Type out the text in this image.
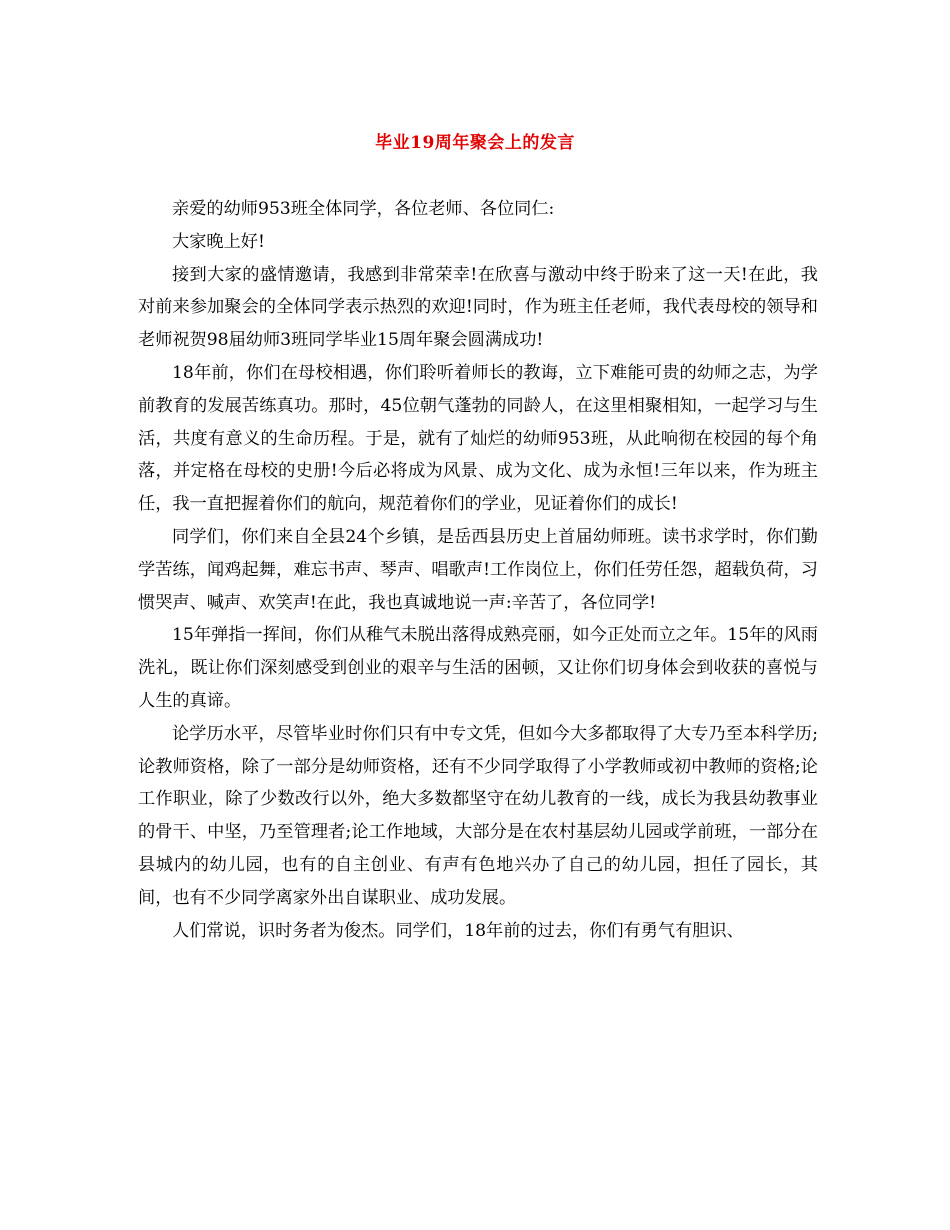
毕业19周年聚会上的发言

亲爱的幼师953班全体同学，各位老师、各位同仁:

大家晚上好!

接到大家的盛情邀请，我感到非常荣幸!在欣喜与激动中终于盼来了这一天!在此，我对前来参加聚会的全体同学表示热烈的欢迎!同时，作为班主任老师，我代表母校的领导和老师祝贺98届幼师3班同学毕业15周年聚会圆满成功!

18年前，你们在母校相遇，你们聆听着师长的教诲，立下难能可贵的幼师之志，为学前教育的发展苦练真功。那时，45位朝气蓬勃的同龄人，在这里相聚相知，一起学习与生活，共度有意义的生命历程。于是，就有了灿烂的幼师953班，从此响彻在校园的每个角落，并定格在母校的史册!今后必将成为风景、成为文化、成为永恒!三年以来，作为班主任，我一直把握着你们的航向，规范着你们的学业，见证着你们的成长!

同学们，你们来自全县24个乡镇，是岳西县历史上首届幼师班。读书求学时，你们勤学苦练，闻鸡起舞，难忘书声、琴声、唱歌声!工作岗位上，你们任劳任怨，超载负荷，习惯哭声、喊声、欢笑声!在此，我也真诚地说一声:辛苦了，各位同学!

15年弹指一挥间，你们从稚气未脱出落得成熟亮丽，如今正处而立之年。15年的风雨洗礼，既让你们深刻感受到创业的艰辛与生活的困顿，又让你们切身体会到收获的喜悦与人生的真谛。

论学历水平，尽管毕业时你们只有中专文凭，但如今大多都取得了大专乃至本科学历;论教师资格，除了一部分是幼师资格，还有不少同学取得了小学教师或初中教师的资格;论工作职业，除了少数改行以外，绝大多数都坚守在幼儿教育的一线，成长为我县幼教事业的骨干、中坚，乃至管理者;论工作地域，大部分是在农村基层幼儿园或学前班，一部分在县城内的幼儿园，也有的自主创业、有声有色地兴办了自己的幼儿园，担任了园长，其间，也有不少同学离家外出自谋职业、成功发展。

人们常说，识时务者为俊杰。同学们，18年前的过去，你们有勇气有胆识、
